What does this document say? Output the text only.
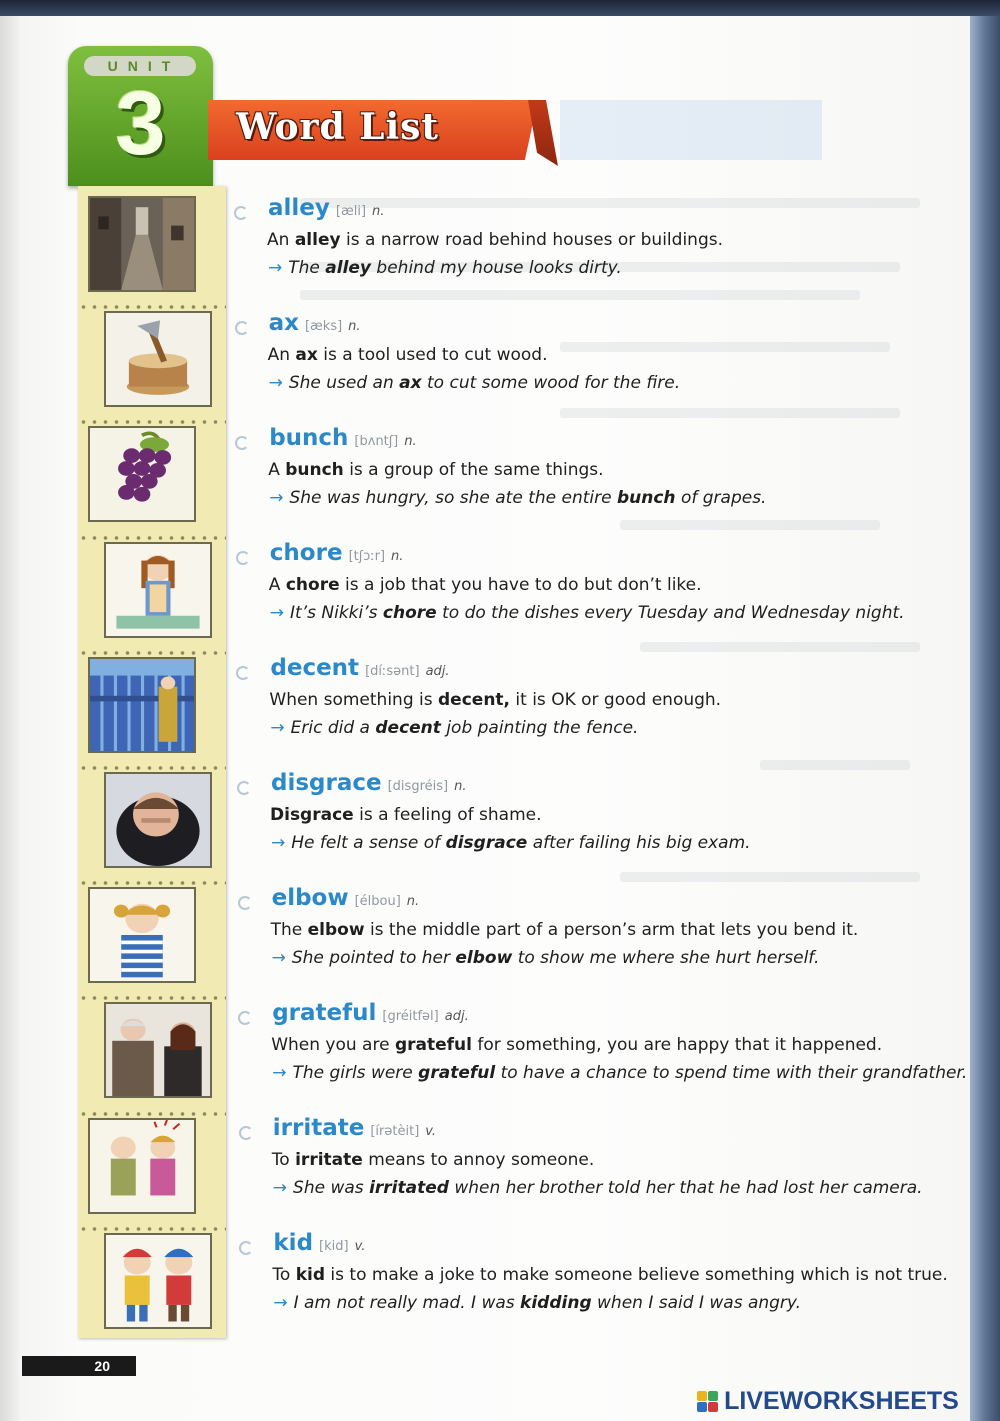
UNIT
3	Word List
alley [æli] n.
An alley is a narrow road behind houses or buildings.
→ The alley behind my house looks dirty.
ax [æks] n.
An ax is a tool used to cut wood.
→ She used an ax to cut some wood for the fire.
bunch [bʌntʃ] n.
A bunch is a group of the same things.
→ She was hungry, so she ate the entire bunch of grapes.
chore [tʃɔːr] n.
A chore is a job that you have to do but don’t like.
→ It’s Nikki’s chore to do the dishes every Tuesday and Wednesday night.
decent [díːsənt] adj.
When something is decent, it is OK or good enough.
→ Eric did a decent job painting the fence.
disgrace [disgréis] n.
Disgrace is a feeling of shame.
→ He felt a sense of disgrace after failing his big exam.
elbow [élbou] n.
The elbow is the middle part of a person’s arm that lets you bend it.
→ She pointed to her elbow to show me where she hurt herself.
grateful [gréitfəl] adj.
When you are grateful for something, you are happy that it happened.
→ The girls were grateful to have a chance to spend time with their grandfather.
irritate [írətèit] v.
To irritate means to annoy someone.
→ She was irritated when her brother told her that he had lost her camera.
kid [kid] v.
To kid is to make a joke to make someone believe something which is not true.
→ I am not really mad. I was kidding when I said I was angry.
20
LIVEWORKSHEETS
